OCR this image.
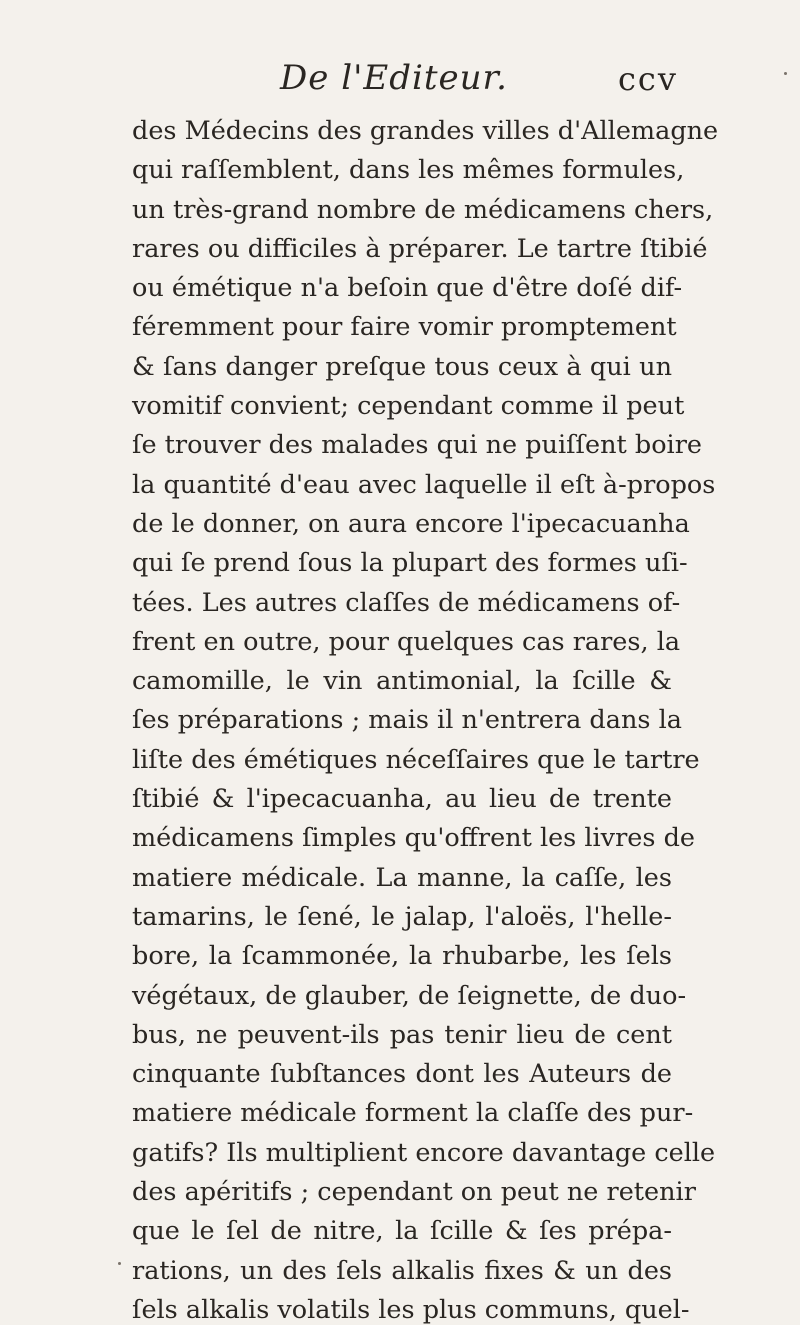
De l'Editeur.	ccv
des Médecins des grandes villes d'Allemagne
qui raſſemblent, dans les mêmes formules,
un très-grand nombre de médicamens chers,
rares ou difficiles à préparer. Le tartre ſtibié
ou émétique n'a beſoin que d'être doſé dif-
féremment pour faire vomir promptement
& ſans danger preſque tous ceux à qui un
vomitif convient; cependant comme il peut
ſe trouver des malades qui ne puiſſent boire
la quantité d'eau avec laquelle il eſt à-propos
de le donner, on aura encore l'ipecacuanha
qui ſe prend ſous la plupart des formes uſi-
tées. Les autres claſſes de médicamens of-
frent en outre, pour quelques cas rares, la
camomille, le vin antimonial, la ſcille &
ſes préparations ; mais il n'entrera dans la
liſte des émétiques néceſſaires que le tartre
ſtibié & l'ipecacuanha, au lieu de trente
médicamens ſimples qu'offrent les livres de
matiere médicale. La manne, la caſſe, les
tamarins, le ſené, le jalap, l'aloës, l'helle-
bore, la ſcammonée, la rhubarbe, les ſels
végétaux, de glauber, de ſeignette, de duo-
bus, ne peuvent-ils pas tenir lieu de cent
cinquante ſubſtances dont les Auteurs de
matiere médicale forment la claſſe des pur-
gatifs? Ils multiplient encore davantage celle
des apéritifs ; cependant on peut ne retenir
que le ſel de nitre, la ſcille & ſes prépa-
rations, un des ſels alkalis fixes & un des
ſels alkalis volatils les plus communs, quel-
